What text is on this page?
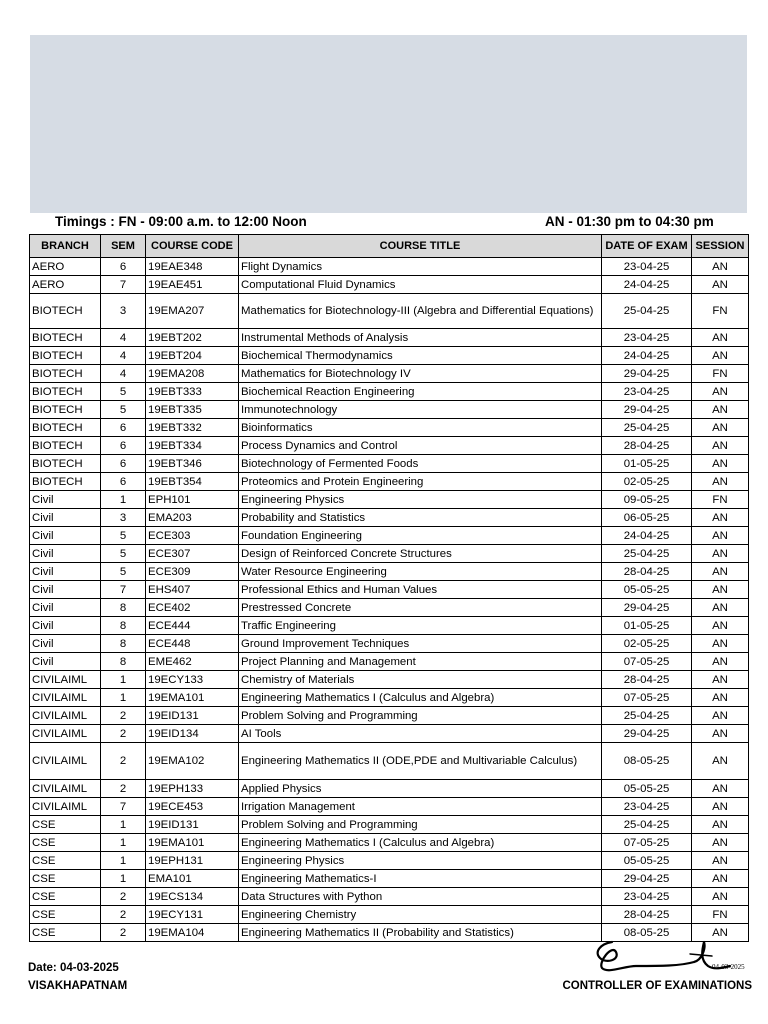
Timings : FN - 09:00 a.m. to 12:00 Noon	AN - 01:30 pm to 04:30 pm
BRANCH	SEM	COURSE CODE	COURSE TITLE	DATE OF EXAM	SESSION
AERO	6	19EAE348	Flight Dynamics	23-04-25	AN
AERO	7	19EAE451	Computational Fluid Dynamics	24-04-25	AN
BIOTECH	3	19EMA207	Mathematics for Biotechnology-III (Algebra and Differential Equations)	25-04-25	FN
BIOTECH	4	19EBT202	Instrumental Methods of Analysis	23-04-25	AN
BIOTECH	4	19EBT204	Biochemical Thermodynamics	24-04-25	AN
BIOTECH	4	19EMA208	Mathematics for Biotechnology IV	29-04-25	FN
BIOTECH	5	19EBT333	Biochemical Reaction Engineering	23-04-25	AN
BIOTECH	5	19EBT335	Immunotechnology	29-04-25	AN
BIOTECH	6	19EBT332	Bioinformatics	25-04-25	AN
BIOTECH	6	19EBT334	Process Dynamics and Control	28-04-25	AN
BIOTECH	6	19EBT346	Biotechnology of Fermented Foods	01-05-25	AN
BIOTECH	6	19EBT354	Proteomics and Protein Engineering	02-05-25	AN
Civil	1	EPH101	Engineering Physics	09-05-25	FN
Civil	3	EMA203	Probability and Statistics	06-05-25	AN
Civil	5	ECE303	Foundation Engineering	24-04-25	AN
Civil	5	ECE307	Design of Reinforced Concrete Structures	25-04-25	AN
Civil	5	ECE309	Water Resource Engineering	28-04-25	AN
Civil	7	EHS407	Professional Ethics and Human Values	05-05-25	AN
Civil	8	ECE402	Prestressed Concrete	29-04-25	AN
Civil	8	ECE444	Traffic Engineering	01-05-25	AN
Civil	8	ECE448	Ground Improvement Techniques	02-05-25	AN
Civil	8	EME462	Project Planning and Management	07-05-25	AN
CIVILAIML	1	19ECY133	Chemistry of Materials	28-04-25	AN
CIVILAIML	1	19EMA101	Engineering Mathematics I (Calculus and Algebra)	07-05-25	AN
CIVILAIML	2	19EID131	Problem Solving and Programming	25-04-25	AN
CIVILAIML	2	19EID134	AI Tools	29-04-25	AN
CIVILAIML	2	19EMA102	Engineering Mathematics II (ODE,PDE and Multivariable Calculus)	08-05-25	AN
CIVILAIML	2	19EPH133	Applied Physics	05-05-25	AN
CIVILAIML	7	19ECE453	Irrigation Management	23-04-25	AN
CSE	1	19EID131	Problem Solving and Programming	25-04-25	AN
CSE	1	19EMA101	Engineering Mathematics I (Calculus and Algebra)	07-05-25	AN
CSE	1	19EPH131	Engineering Physics	05-05-25	AN
CSE	1	EMA101	Engineering Mathematics-I	29-04-25	AN
CSE	2	19ECS134	Data Structures with Python	23-04-25	AN
CSE	2	19ECY131	Engineering Chemistry	28-04-25	FN
CSE	2	19EMA104	Engineering Mathematics II (Probability and Statistics)	08-05-25	AN
Date: 04-03-2025
VISAKHAPATNAM
04-03-2025
CONTROLLER OF EXAMINATIONS
